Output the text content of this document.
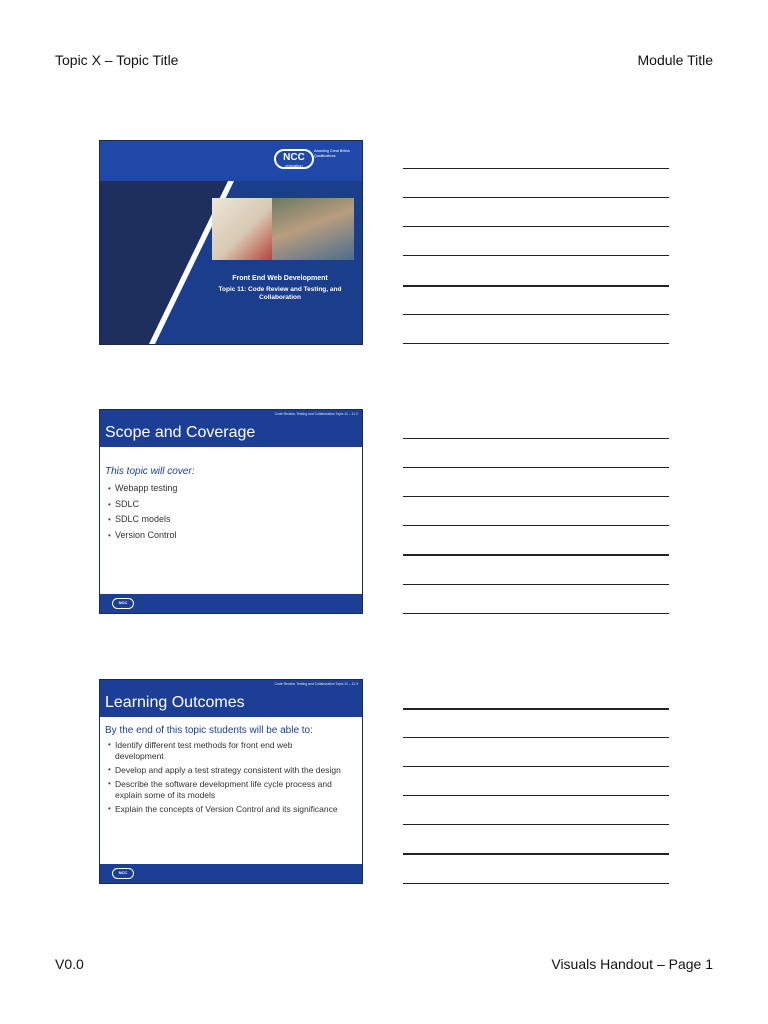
Topic X – Topic Title	Module Title
NCC
education
Awarding Great British Qualifications
Front End Web Development
Topic 11: Code Review and Testing, and Collaboration
Code Review, Testing and Collaboration Topic 11 – 11.2
Scope and Coverage
This topic will cover:
• Webapp testing
• SDLC
• SDLC models
• Version Control
NCC
Code Review, Testing and Collaboration Topic 11 – 11.3
Learning Outcomes
By the end of this topic students will be able to:
• Identify different test methods for front end web development
• Develop and apply a test strategy consistent with the design
• Describe the software development life cycle process and explain some of its models
• Explain the concepts of Version Control and its significance
NCC
V0.0	Visuals Handout – Page 1
